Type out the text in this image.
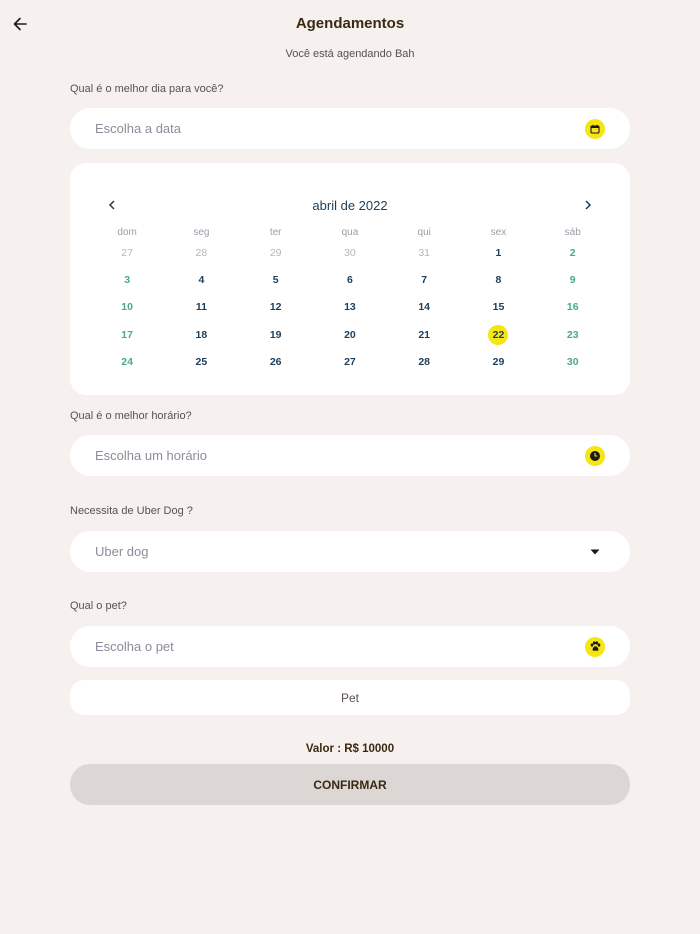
Agendamentos
Você está agendando Bah
Qual é o melhor dia para você?
Escolha a data
abril de 2022
dom	seg	ter	qua	qui	sex	sáb
27	28	29	30	31	1	2
3	4	5	6	7	8	9
10	11	12	13	14	15	16
17	18	19	20	21	22	23
24	25	26	27	28	29	30
Qual é o melhor horário?
Escolha um horário
Necessita de Uber Dog ?
Uber dog
Qual o pet?
Escolha o pet
Pet
Valor : R$ 10000
CONFIRMAR
